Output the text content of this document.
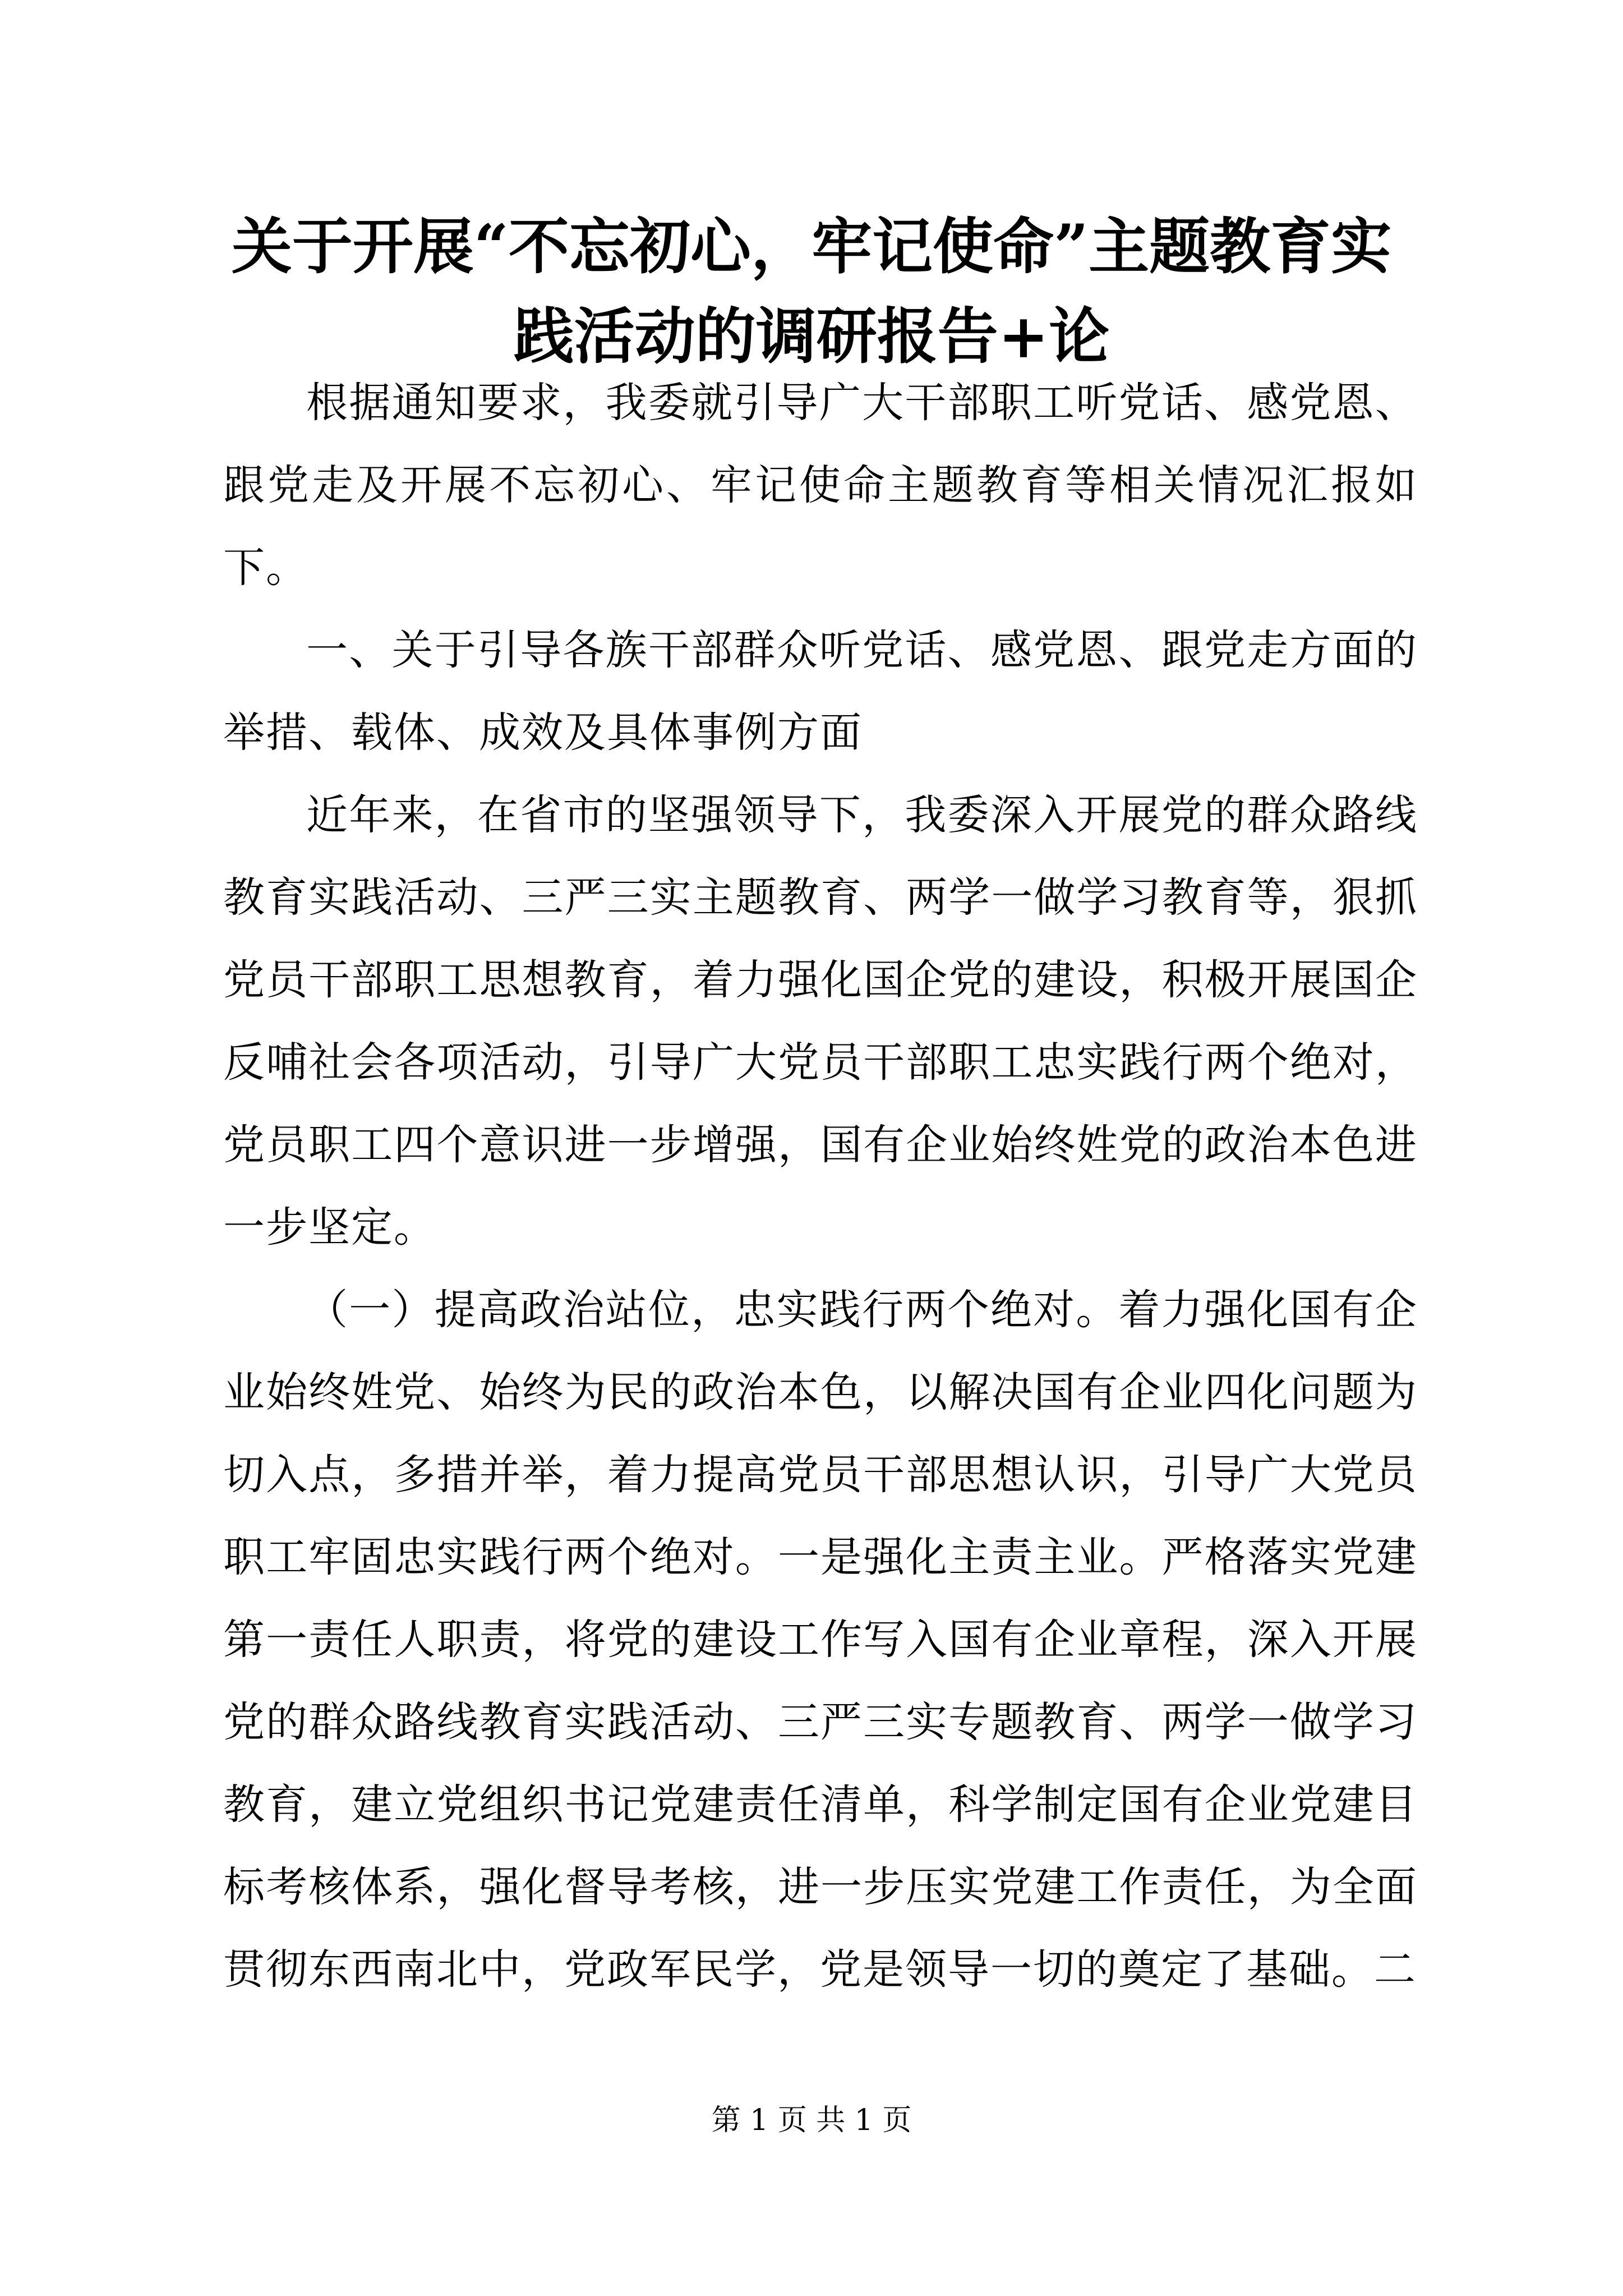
关于开展“不忘初心，牢记使命”主题教育实
践活动的调研报告+论

根据通知要求，我委就引导广大干部职工听党话、感党恩、跟党走及开展不忘初心、牢记使命主题教育等相关情况汇报如下。

一、关于引导各族干部群众听党话、感党恩、跟党走方面的举措、载体、成效及具体事例方面

近年来，在省市的坚强领导下，我委深入开展党的群众路线教育实践活动、三严三实主题教育、两学一做学习教育等，狠抓党员干部职工思想教育，着力强化国企党的建设，积极开展国企反哺社会各项活动，引导广大党员干部职工忠实践行两个绝对，党员职工四个意识进一步增强，国有企业始终姓党的政治本色进一步坚定。

（一）提高政治站位，忠实践行两个绝对。着力强化国有企业始终姓党、始终为民的政治本色，以解决国有企业四化问题为切入点，多措并举，着力提高党员干部思想认识，引导广大党员职工牢固忠实践行两个绝对。一是强化主责主业。严格落实党建第一责任人职责，将党的建设工作写入国有企业章程，深入开展党的群众路线教育实践活动、三严三实专题教育、两学一做学习教育，建立党组织书记党建责任清单，科学制定国有企业党建目标考核体系，强化督导考核，进一步压实党建工作责任，为全面贯彻东西南北中，党政军民学，党是领导一切的奠定了基础。二

第 1 页 共 1 页
